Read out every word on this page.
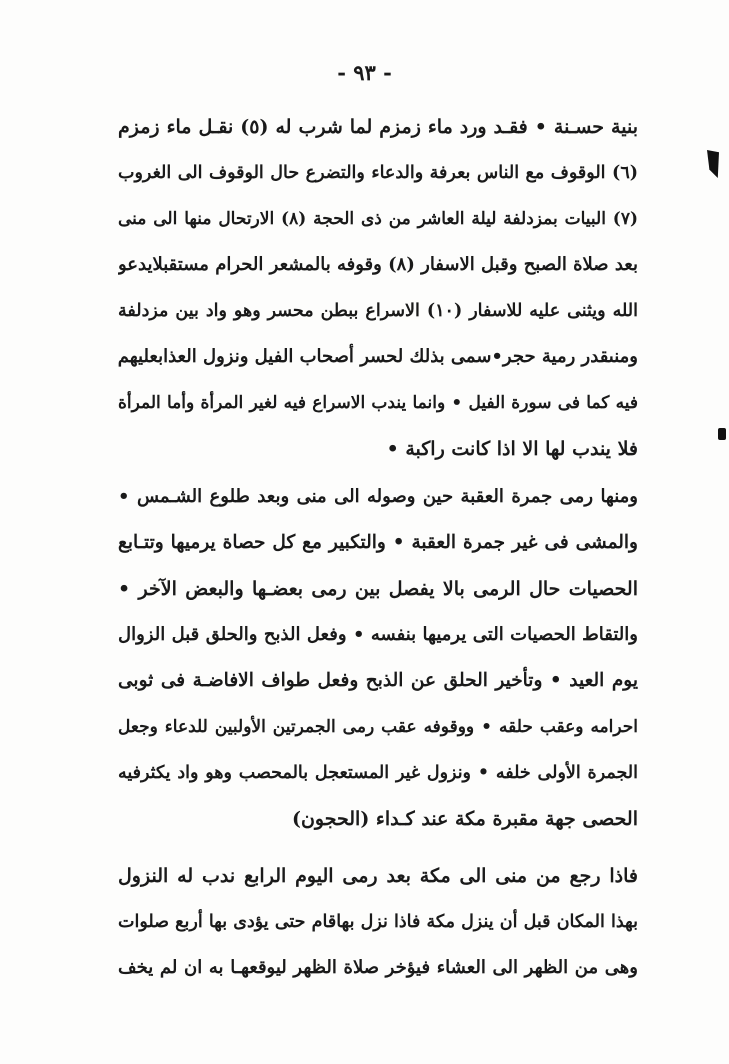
- ٩٣ -
بنية حسـنة • فقـد ورد ماء زمزم لما شرب له (٥) نقـل ماء زمزم
(٦) الوقوف مع الناس بعرفة والدعاء والتضرع حال الوقوف الى الغروب
(٧) البيات بمزدلفة ليلة العاشر من ذى الحجة (٨) الارتحال منها الى منى
بعد صلاة الصبح وقبل الاسفار (٨) وقوفه بالمشعر الحرام مستقبلايدعو
الله ويثنى عليه للاسفار (١٠) الاسراع ببطن محسر وهو واد بين مزدلفة
ومنىقدر رمية حجر•سمى بذلك لحسر أصحاب الفيل ونزول العذابعليهم
فيه كما فى سورة الفيل • وانما يندب الاسراع فيه لغير المرأة وأما المرأة
فلا يندب لها الا اذا كانت راكبة •
ومنها رمى جمرة العقبة حين وصوله الى منى وبعد طلوع الشـمس •
والمشى فى غير جمرة العقبة • والتكبير مع كل حصاة يرميها وتتـابع
الحصيات حال الرمى بالا يفصل بين رمى بعضـها والبعض الآخر •
والتقاط الحصيات التى يرميها بنفسه • وفعل الذبح والحلق قبل الزوال
يوم العيد • وتأخير الحلق عن الذبح وفعل طواف الافاضـة فى ثوبى
احرامه وعقب حلقه • ووقوفه عقب رمى الجمرتين الأولبين للدعاء وجعل
الجمرة الأولى خلفه • ونزول غير المستعجل بالمحصب وهو واد يكثرفيه
الحصى جهة مقبرة مكة عند كـداء (الحجون)
فاذا رجع من منى الى مكة بعد رمى اليوم الرابع ندب له النزول
بهذا المكان قبل أن ينزل مكة فاذا نزل بهاقام حتى يؤدى بها أربع صلوات
وهى من الظهر الى العشاء فيؤخر صلاة الظهر ليوقعهـا به ان لم يخف
